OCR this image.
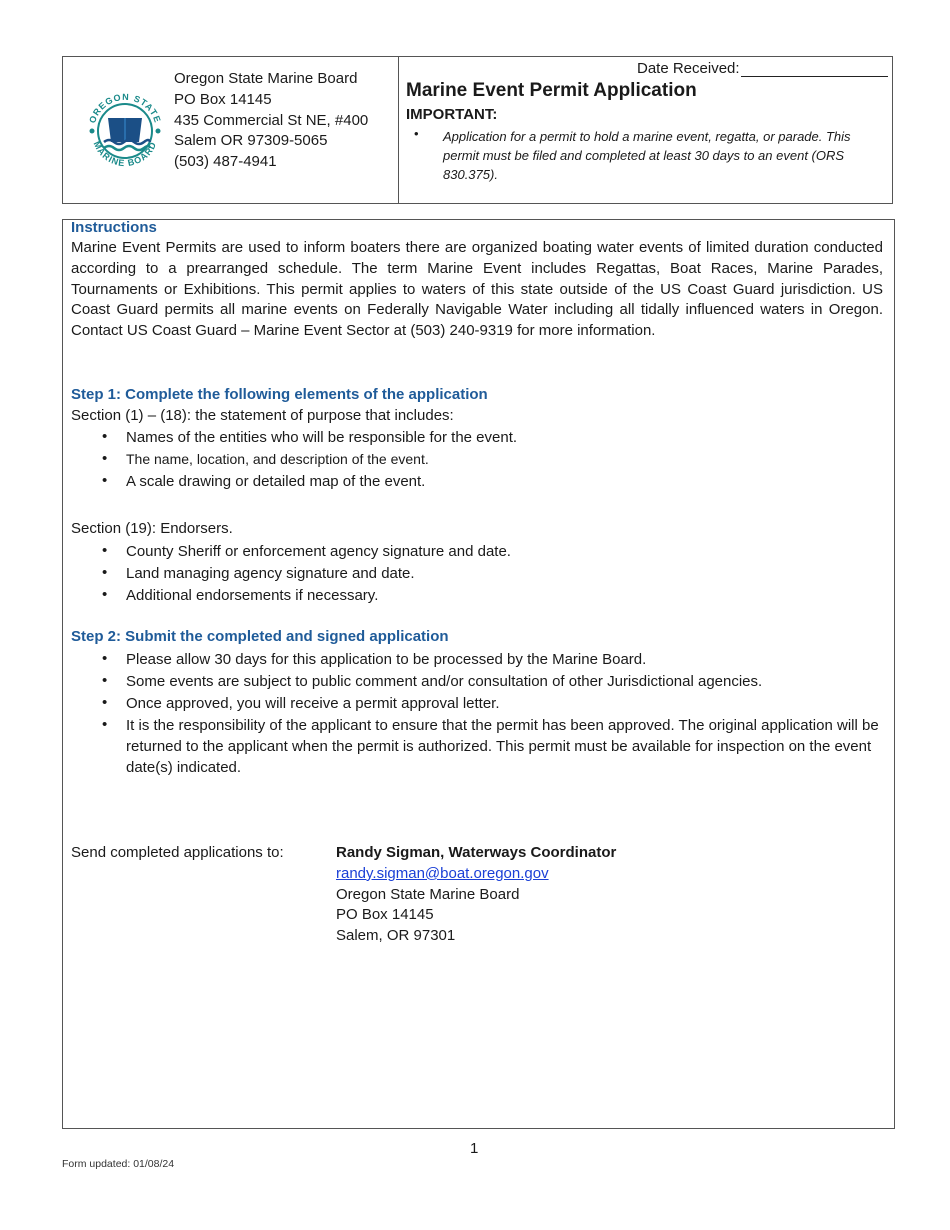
OREGON STATE
MARINE BOARD
Oregon State Marine Board
PO Box 14145
435 Commercial St NE, #400
Salem OR 97309-5065
(503) 487-4941
Date Received:
Marine Event Permit Application
IMPORTANT:
• Application for a permit to hold a marine event, regatta, or parade. This permit must be filed and completed at least 30 days to an event (ORS 830.375).
Instructions
Marine Event Permits are used to inform boaters there are organized boating water events of limited duration conducted according to a prearranged schedule. The term Marine Event includes Regattas, Boat Races, Marine Parades, Tournaments or Exhibitions. This permit applies to waters of this state outside of the US Coast Guard jurisdiction. US Coast Guard permits all marine events on Federally Navigable Water including all tidally influenced waters in Oregon. Contact US Coast Guard – Marine Event Sector at (503) 240-9319 for more information.
Step 1: Complete the following elements of the application
Section (1) – (18): the statement of purpose that includes:
• Names of the entities who will be responsible for the event.
• The name, location, and description of the event.
• A scale drawing or detailed map of the event.
Section (19): Endorsers.
• County Sheriff or enforcement agency signature and date.
• Land managing agency signature and date.
• Additional endorsements if necessary.
Step 2: Submit the completed and signed application
• Please allow 30 days for this application to be processed by the Marine Board.
• Some events are subject to public comment and/or consultation of other Jurisdictional agencies.
• Once approved, you will receive a permit approval letter.
• It is the responsibility of the applicant to ensure that the permit has been approved. The original application will be returned to the applicant when the permit is authorized. This permit must be available for inspection on the event date(s) indicated.
Send completed applications to:	Randy Sigman, Waterways Coordinator
randy.sigman@boat.oregon.gov
Oregon State Marine Board
PO Box 14145
Salem, OR 97301
1
Form updated: 01/08/24
